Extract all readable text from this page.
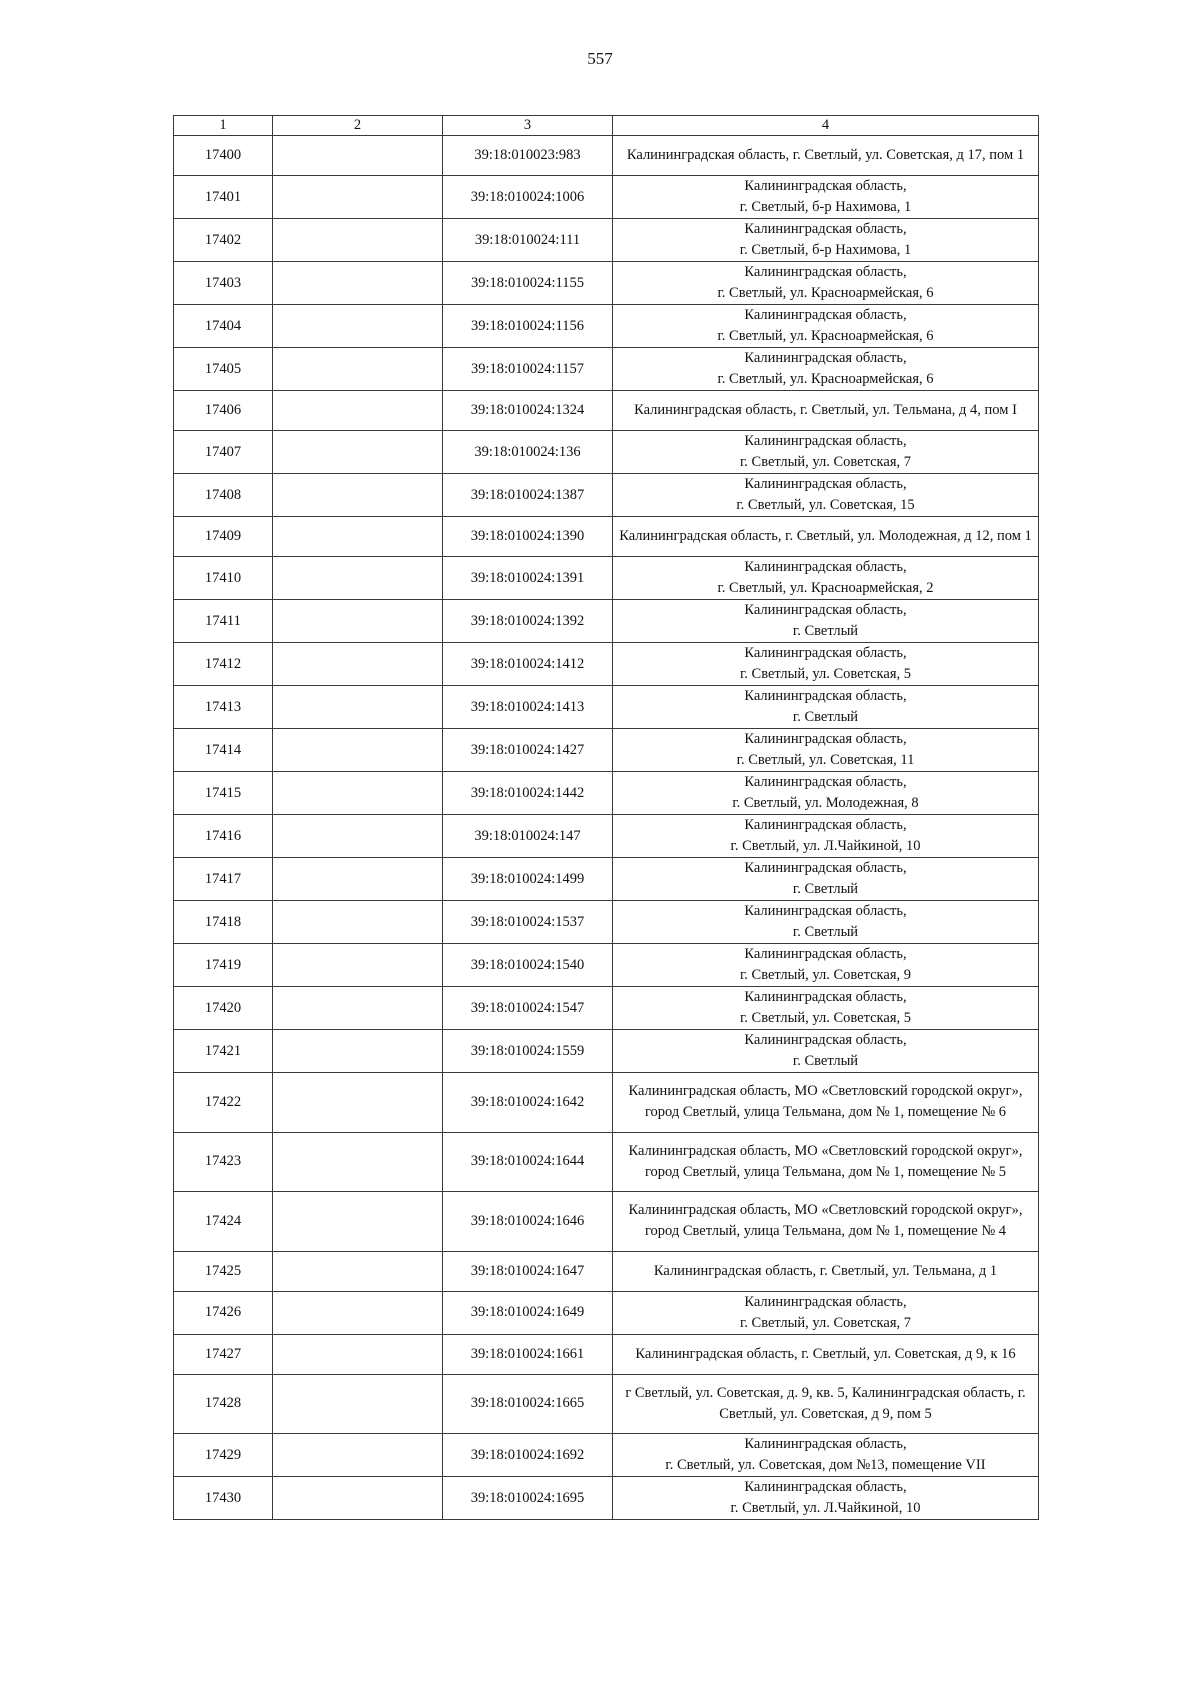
557
1	2	3	4
17400		39:18:010023:983	Калининградская область, г. Светлый, ул. Советская, д 17, пом 1
17401		39:18:010024:1006	Калининградская область,
г. Светлый, б-р Нахимова, 1
17402		39:18:010024:111	Калининградская область,
г. Светлый, б-р Нахимова, 1
17403		39:18:010024:1155	Калининградская область,
г. Светлый, ул. Красноармейская, 6
17404		39:18:010024:1156	Калининградская область,
г. Светлый, ул. Красноармейская, 6
17405		39:18:010024:1157	Калининградская область,
г. Светлый, ул. Красноармейская, 6
17406		39:18:010024:1324	Калининградская область, г. Светлый, ул. Тельмана, д 4, пом I
17407		39:18:010024:136	Калининградская область,
г. Светлый, ул. Советская, 7
17408		39:18:010024:1387	Калининградская область,
г. Светлый, ул. Советская, 15
17409		39:18:010024:1390	Калининградская область, г. Светлый, ул. Молодежная, д 12, пом 1
17410		39:18:010024:1391	Калининградская область,
г. Светлый, ул. Красноармейская, 2
17411		39:18:010024:1392	Калининградская область,
г. Светлый
17412		39:18:010024:1412	Калининградская область,
г. Светлый, ул. Советская, 5
17413		39:18:010024:1413	Калининградская область,
г. Светлый
17414		39:18:010024:1427	Калининградская область,
г. Светлый, ул. Советская, 11
17415		39:18:010024:1442	Калининградская область,
г. Светлый, ул. Молодежная, 8
17416		39:18:010024:147	Калининградская область,
г. Светлый, ул. Л.Чайкиной, 10
17417		39:18:010024:1499	Калининградская область,
г. Светлый
17418		39:18:010024:1537	Калининградская область,
г. Светлый
17419		39:18:010024:1540	Калининградская область,
г. Светлый, ул. Советская, 9
17420		39:18:010024:1547	Калининградская область,
г. Светлый, ул. Советская, 5
17421		39:18:010024:1559	Калининградская область,
г. Светлый
17422		39:18:010024:1642	Калининградская область, МО «Светловский городской округ», город Светлый, улица Тельмана, дом № 1, помещение № 6
17423		39:18:010024:1644	Калининградская область, МО «Светловский городской округ», город Светлый, улица Тельмана, дом № 1, помещение № 5
17424		39:18:010024:1646	Калининградская область, МО «Светловский городской округ», город Светлый, улица Тельмана, дом № 1, помещение № 4
17425		39:18:010024:1647	Калининградская область, г. Светлый, ул. Тельмана, д 1
17426		39:18:010024:1649	Калининградская область,
г. Светлый, ул. Советская, 7
17427		39:18:010024:1661	Калининградская область, г. Светлый, ул. Советская, д 9, к 16
17428		39:18:010024:1665	г Светлый, ул. Советская, д. 9, кв. 5, Калининградская область, г. Светлый, ул. Советская, д 9, пом 5
17429		39:18:010024:1692	Калининградская область,
г. Светлый, ул. Советская, дом №13, помещение VII
17430		39:18:010024:1695	Калининградская область,
г. Светлый, ул. Л.Чайкиной, 10
